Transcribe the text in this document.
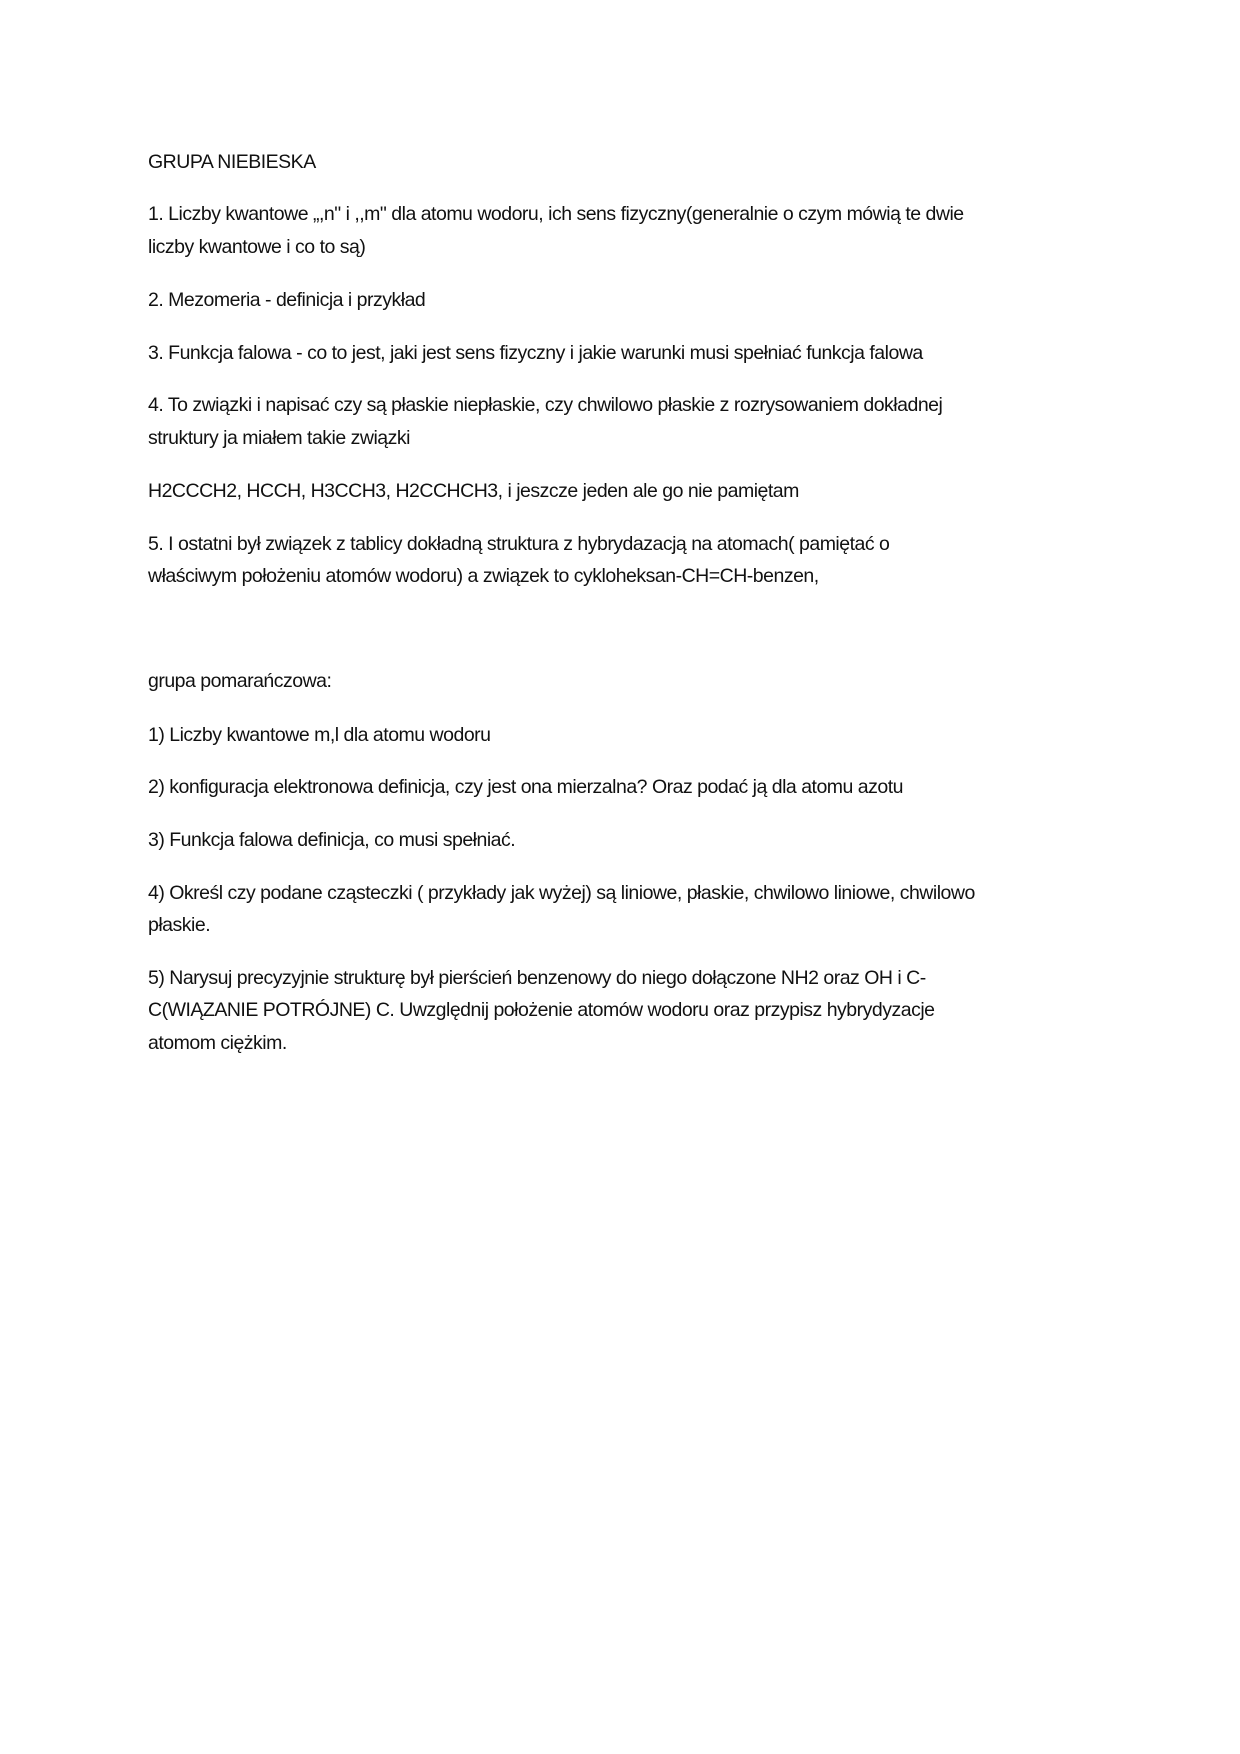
GRUPA NIEBIESKA
1. Liczby kwantowe „,n" i ,,m" dla atomu wodoru, ich sens fizyczny(generalnie o czym mówią te dwie
liczby kwantowe i co to są)
2. Mezomeria - definicja i przykład
3. Funkcja falowa - co to jest, jaki jest sens fizyczny i jakie warunki musi spełniać funkcja falowa
4. To związki i napisać czy są płaskie niepłaskie, czy chwilowo płaskie z rozrysowaniem dokładnej
struktury ja miałem takie związki
H2CCCH2, HCCH, H3CCH3, H2CCHCH3, i jeszcze jeden ale go nie pamiętam
5. I ostatni był związek z tablicy dokładną struktura z hybrydazacją na atomach( pamiętać o
właściwym położeniu atomów wodoru) a związek to cykloheksan-CH=CH-benzen,
grupa pomarańczowa:
1) Liczby kwantowe m,l dla atomu wodoru
2) konfiguracja elektronowa definicja, czy jest ona mierzalna? Oraz podać ją dla atomu azotu
3) Funkcja falowa definicja, co musi spełniać.
4) Określ czy podane cząsteczki ( przykłady jak wyżej) są liniowe, płaskie, chwilowo liniowe, chwilowo
płaskie.
5) Narysuj precyzyjnie strukturę był pierścień benzenowy do niego dołączone NH2 oraz OH i C-
C(WIĄZANIE POTRÓJNE) C. Uwzględnij położenie atomów wodoru oraz przypisz hybrydyzacje
atomom ciężkim.
